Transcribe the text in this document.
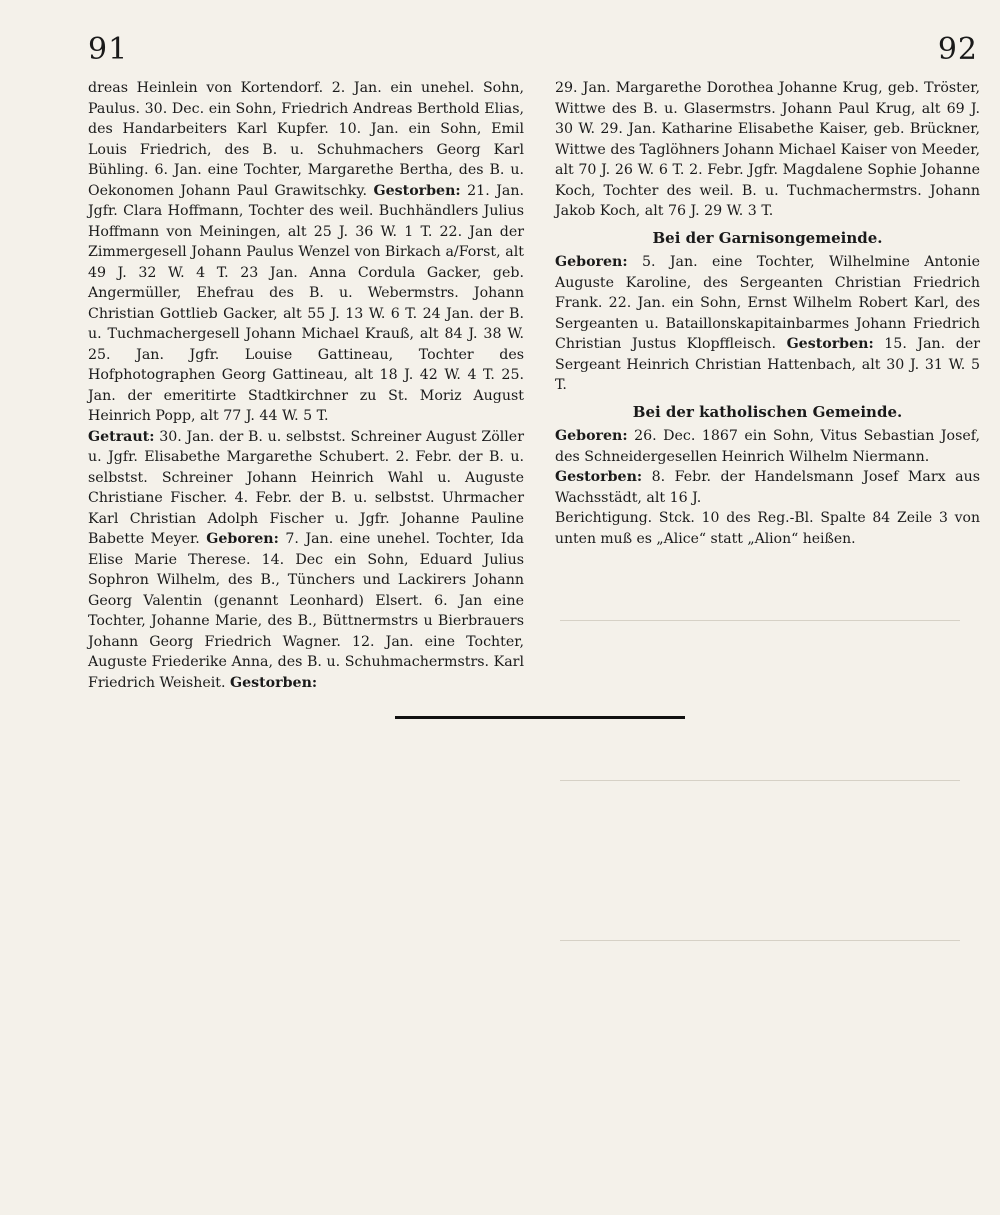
91	92

dreas Heinlein von Kortendorf. 2. Jan. ein unehel. Sohn, Paulus. 30. Dec. ein Sohn, Friedrich Andreas Berthold Elias, des Handarbeiters Karl Kupfer. 10. Jan. ein Sohn, Emil Louis Friedrich, des B. u. Schuhmachers Georg Karl Bühling. 6. Jan. eine Tochter, Margarethe Bertha, des B. u. Oekonomen Johann Paul Grawitschky. Gestorben: 21. Jan. Jgfr. Clara Hoffmann, Tochter des weil. Buchhändlers Julius Hoffmann von Meiningen, alt 25 J. 36 W. 1 T. 22. Jan der Zimmergesell Johann Paulus Wenzel von Birkach a/Forst, alt 49 J. 32 W. 4 T. 23 Jan. Anna Cordula Gacker, geb. Angermüller, Ehefrau des B. u. Webermstrs. Johann Christian Gottlieb Gacker, alt 55 J. 13 W. 6 T. 24 Jan. der B. u. Tuchmachergesell Johann Michael Krauß, alt 84 J. 38 W. 25. Jan. Jgfr. Louise Gattineau, Tochter des Hofphotographen Georg Gattineau, alt 18 J. 42 W. 4 T. 25. Jan. der emeritirte Stadtkirchner zu St. Moriz August Heinrich Popp, alt 77 J. 44 W. 5 T.

Getraut: 30. Jan. der B. u. selbstst. Schreiner August Zöller u. Jgfr. Elisabethe Margarethe Schubert. 2. Febr. der B. u. selbstst. Schreiner Johann Heinrich Wahl u. Auguste Christiane Fischer. 4. Febr. der B. u. selbstst. Uhrmacher Karl Christian Adolph Fischer u. Jgfr. Johanne Pauline Babette Meyer. Geboren: 7. Jan. eine unehel. Tochter, Ida Elise Marie Therese. 14. Dec ein Sohn, Eduard Julius Sophron Wilhelm, des B., Tünchers und Lackirers Johann Georg Valentin (genannt Leonhard) Elsert. 6. Jan eine Tochter, Johanne Marie, des B., Büttnermstrs u Bierbrauers Johann Georg Friedrich Wagner. 12. Jan. eine Tochter, Auguste Friederike Anna, des B. u. Schuhmachermstrs. Karl Friedrich Weisheit. Gestorben:

29. Jan. Margarethe Dorothea Johanne Krug, geb. Tröster, Wittwe des B. u. Glasermstrs. Johann Paul Krug, alt 69 J. 30 W. 29. Jan. Katharine Elisabethe Kaiser, geb. Brückner, Wittwe des Taglöhners Johann Michael Kaiser von Meeder, alt 70 J. 26 W. 6 T. 2. Febr. Jgfr. Magdalene Sophie Johanne Koch, Tochter des weil. B. u. Tuchmachermstrs. Johann Jakob Koch, alt 76 J. 29 W. 3 T.

Bei der Garnisongemeinde.

Geboren: 5. Jan. eine Tochter, Wilhelmine Antonie Auguste Karoline, des Sergeanten Christian Friedrich Frank. 22. Jan. ein Sohn, Ernst Wilhelm Robert Karl, des Sergeanten u. Bataillonskapitainbarmes Johann Friedrich Christian Justus Klopffleisch. Gestorben: 15. Jan. der Sergeant Heinrich Christian Hattenbach, alt 30 J. 31 W. 5 T.

Bei der katholischen Gemeinde.

Geboren: 26. Dec. 1867 ein Sohn, Vitus Sebastian Josef, des Schneidergesellen Heinrich Wilhelm Niermann.
Gestorben: 8. Febr. der Handelsmann Josef Marx aus Wachsstädt, alt 16 J.

Berichtigung. Stck. 10 des Reg.-Bl. Spalte 84 Zeile 3 von unten muß es „Alice“ statt „Alion“ heißen.
